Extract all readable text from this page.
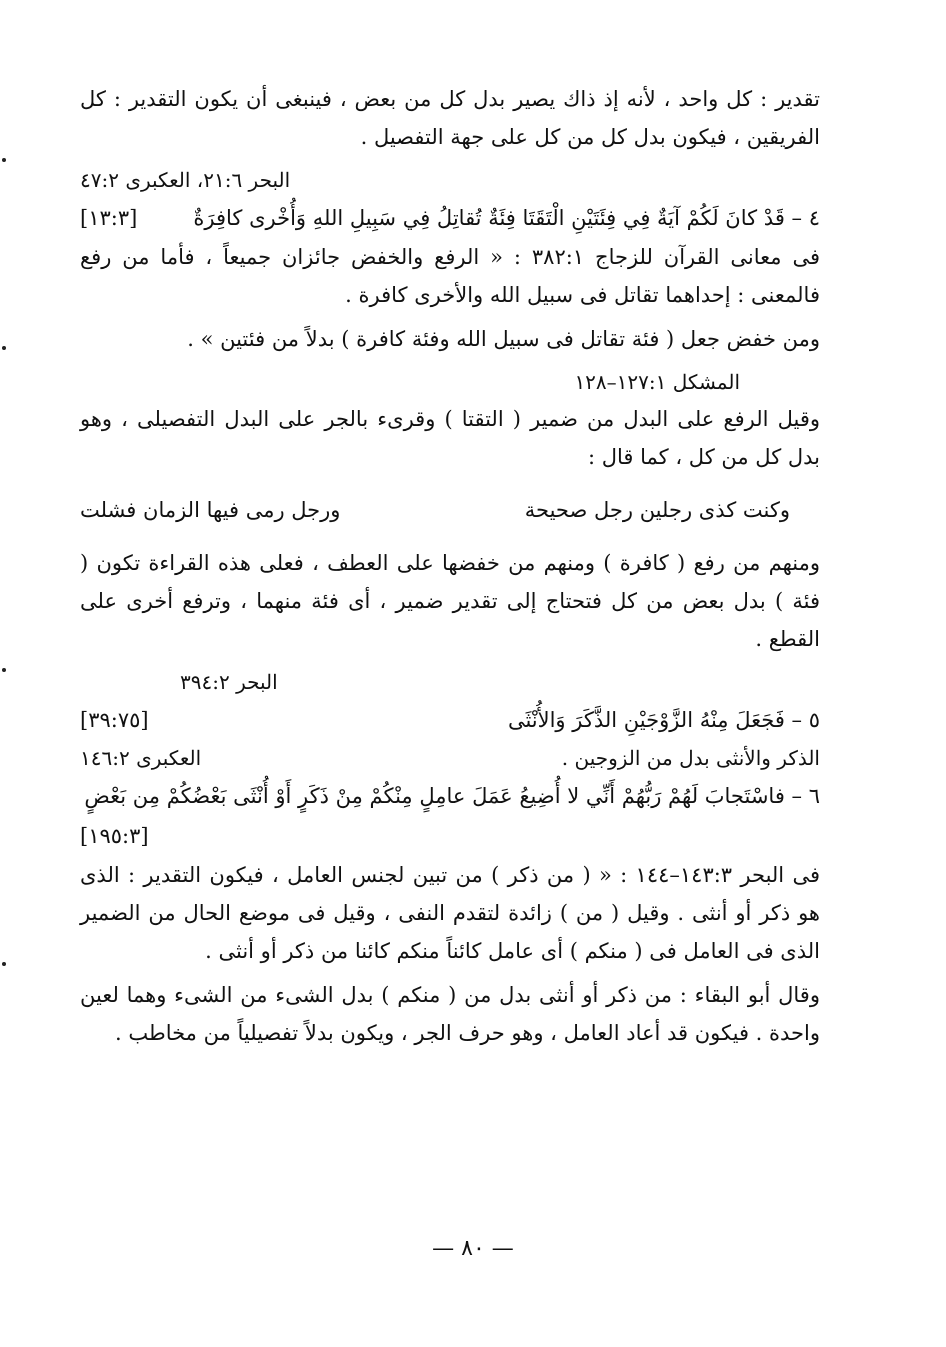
تقدير : كل واحد ، لأنه إذ ذاك يصير بدل كل من بعض ، فينبغى أن يكون التقدير : كل الفريقين ، فيكون بدل كل من كل على جهة التفصيل .

البحر ٢١:٦، العكبرى ٤٧:٢
٤ – قَدْ كانَ لَكُمْ آيَةٌ فِي فِئَتَيْنِ الْتَقَتَا فِئَةٌ تُقاتِلُ فِي سَبِيلِ اللهِ وَأُخْرى كافِرَةٌ
[١٣:٣]

فى معانى القرآن للزجاج ٣٨٢:١ : « الرفع والخفض جائزان جميعاً ، فأما من رفع فالمعنى : إحداهما تقاتل فى سبيل الله والأخرى كافرة .

ومن خفض جعل ( فئة تقاتل فى سبيل الله وفئة كافرة ) بدلاً من فئتين » .

المشكل ١٢٧:١–١٢٨

وقيل الرفع على البدل من ضمير ( التقتا ) وقرىء بالجر على البدل التفصيلى ، وهو بدل كل من كل ، كما قال :

وكنت كذى رجلين رجل صحيحة
ورجل رمى فيها الزمان فشلت

ومنهم من رفع ( كافرة ) ومنهم من خفضها على العطف ، فعلى هذه القراءة تكون ( فئة ) بدل بعض من كل فتحتاج إلى تقدير ضمير ، أى فئة منهما ، وترفع أخرى على القطع .

البحر ٣٩٤:٢
٥ – فَجَعَلَ مِنْهُ الزَّوْجَيْنِ الذَّكَرَ وَالأُنْثَى
[٣٩:٧٥]
الذكر والأنثى بدل من الزوجين .
العكبرى ١٤٦:٢
٦ – فاسْتَجابَ لَهُمْ رَبُّهُمْ أَنِّي لا أُضِيعُ عَمَلَ عامِلٍ مِنْكُمْ مِنْ ذَكَرٍ أَوْ أُنْثَى بَعْضُكُمْ مِن بَعْضٍ
[١٩٥:٣]

فى البحر ١٤٣:٣–١٤٤ : « ( من ذكر ) من تبين لجنس العامل ، فيكون التقدير : الذى هو ذكر أو أنثى . وقيل ( من ) زائدة لتقدم النفى ، وقيل فى موضع الحال من الضمير الذى فى العامل فى ( منكم ) أى عامل كائناً منكم كائنا من ذكر أو أنثى .

وقال أبو البقاء : من ذكر أو أنثى بدل من ( منكم ) بدل الشىء من الشىء وهما لعين واحدة . فيكون قد أعاد العامل ، وهو حرف الجر ، ويكون بدلاً تفصيلياً من مخاطب .

— ٨٠ —
